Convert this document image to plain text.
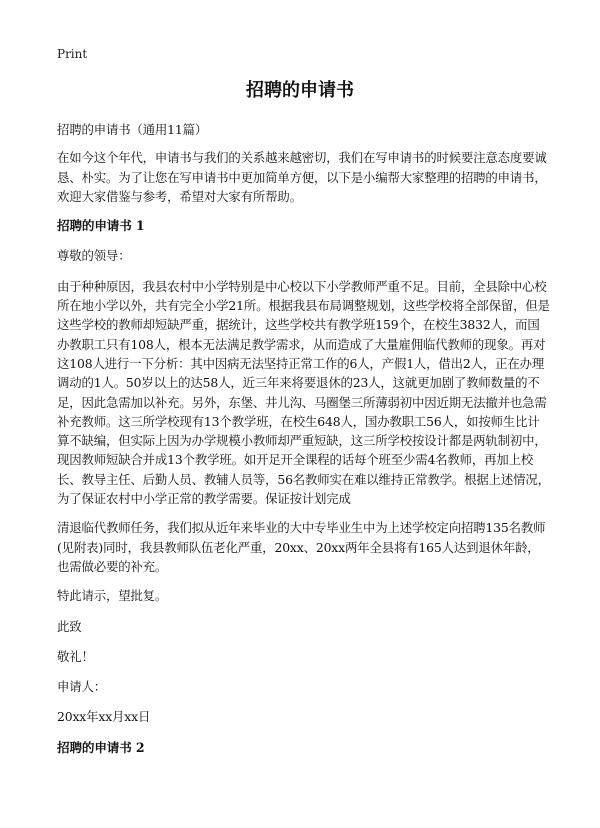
Print
招聘的申请书

招聘的申请书（通用11篇）

在如今这个年代，申请书与我们的关系越来越密切，我们在写申请书的时候要注意态度要诚恳、朴实。为了让您在写申请书中更加简单方便，以下是小编帮大家整理的招聘的申请书，欢迎大家借鉴与参考，希望对大家有所帮助。

招聘的申请书 1

尊敬的领导：

由于种种原因，我县农村中小学特别是中心校以下小学教师严重不足。目前，全县除中心校所在地小学以外，共有完全小学21所。根据我县布局调整规划，这些学校将全部保留，但是这些学校的教师却短缺严重，据统计，这些学校共有教学班159个，在校生3832人，而国办教职工只有108人，根本无法满足教学需求，从而造成了大量雇佣临代教师的现象。再对这108人进行一下分析：其中因病无法坚持正常工作的6人，产假1人，借出2人，正在办理调动的1人。50岁以上的达58人，近三年来将要退休的23人，这就更加剧了教师数量的不足，因此急需加以补充。另外，东堡、井儿沟、马圈堡三所薄弱初中因近期无法撤并也急需补充教师。这三所学校现有13个教学班，在校生648人，国办教职工56人，如按师生比计算不缺编，但实际上因为办学规模小教师却严重短缺，这三所学校按设计都是两轨制初中，现因教师短缺合并成13个教学班。如开足开全课程的话每个班至少需4名教师，再加上校长、教导主任、后勤人员、教辅人员等，56名教师实在难以维持正常教学。根据上述情况，为了保证农村中小学正常的教学需要。保证按计划完成

清退临代教师任务，我们拟从近年来毕业的大中专毕业生中为上述学校定向招聘135名教师(见附表)同时，我县教师队伍老化严重，20xx、20xx两年全县将有165人达到退休年龄，也需做必要的补充。

特此请示，望批复。

此致

敬礼！

申请人：

20xx年xx月xx日

招聘的申请书 2
